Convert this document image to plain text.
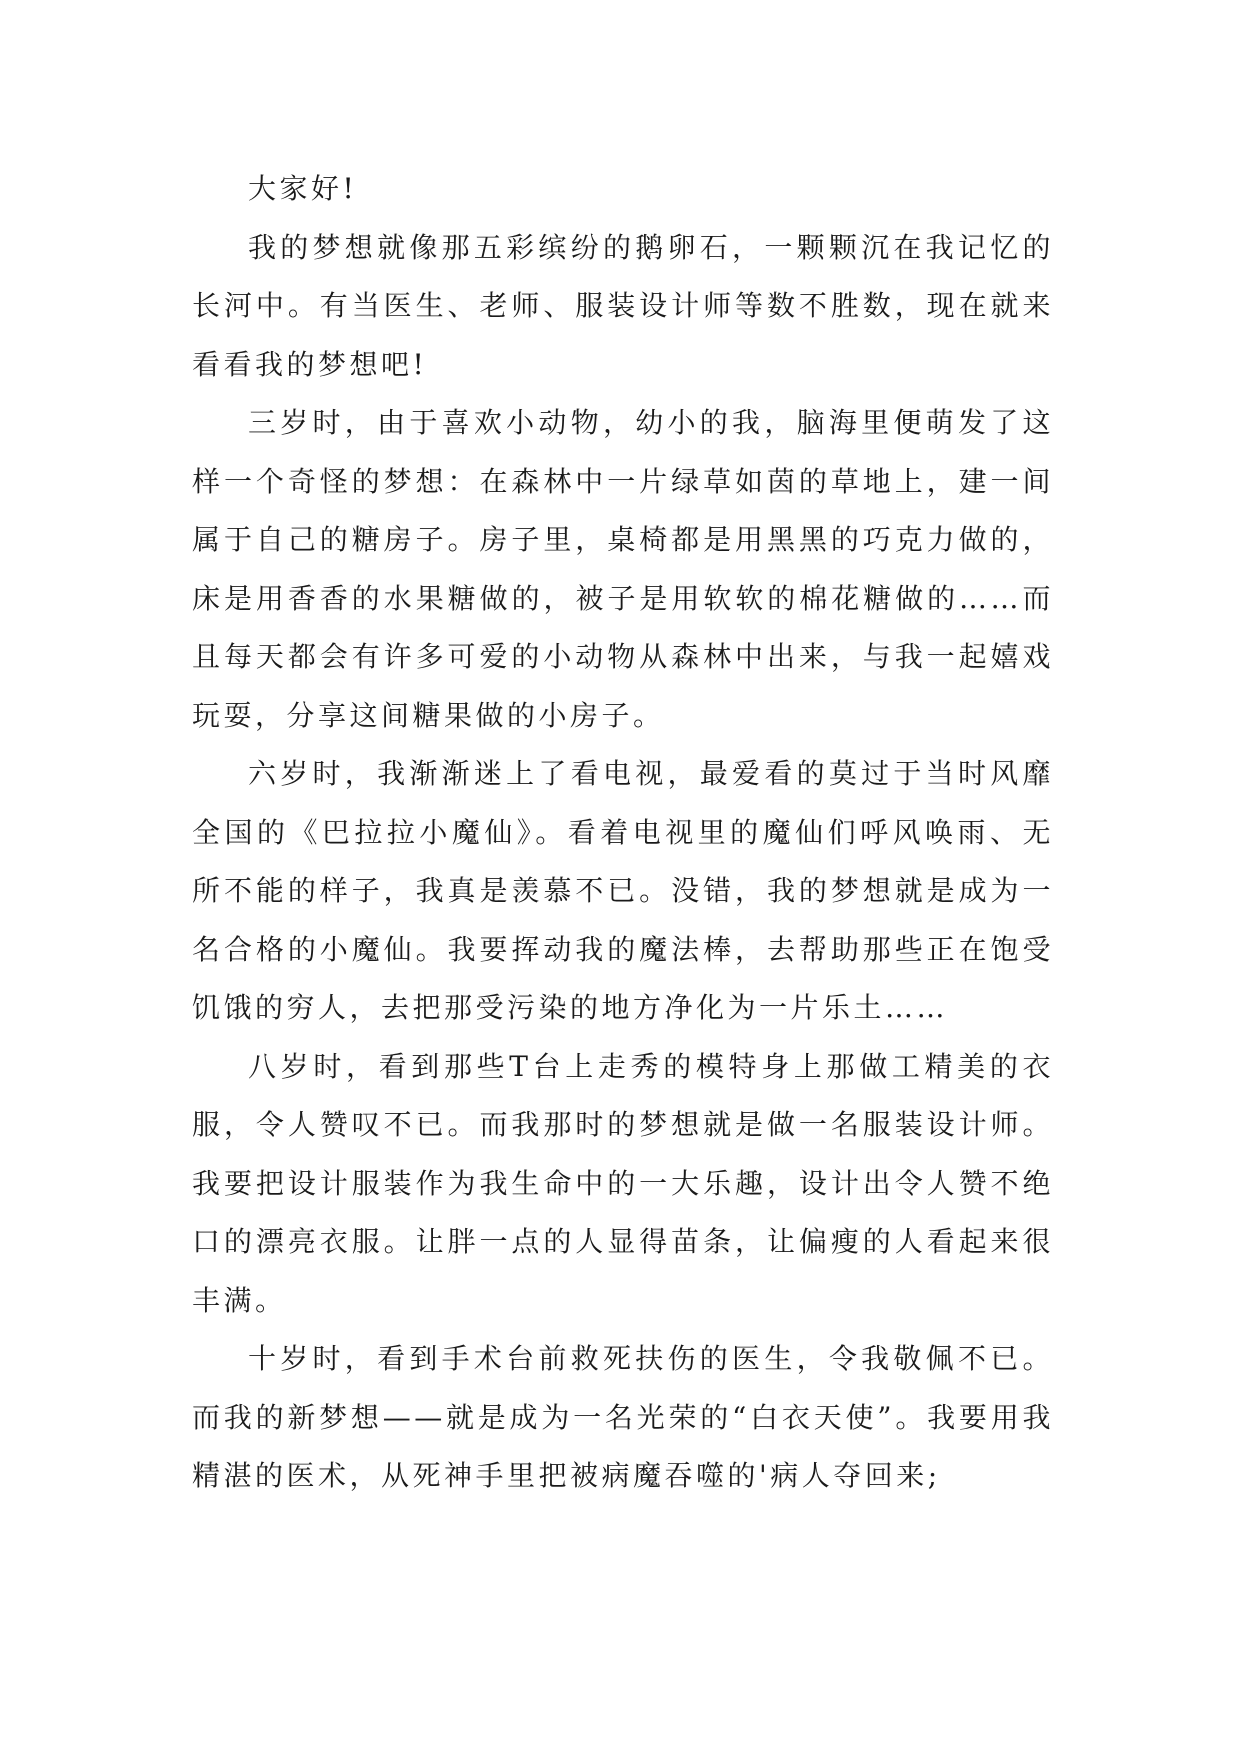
大家好!

我的梦想就像那五彩缤纷的鹅卵石，一颗颗沉在我记忆的长河中。有当医生、老师、服装设计师等数不胜数，现在就来看看我的梦想吧!

三岁时，由于喜欢小动物，幼小的我，脑海里便萌发了这样一个奇怪的梦想：在森林中一片绿草如茵的草地上，建一间属于自己的糖房子。房子里，桌椅都是用黑黑的巧克力做的，床是用香香的水果糖做的，被子是用软软的棉花糖做的……而且每天都会有许多可爱的小动物从森林中出来，与我一起嬉戏玩耍，分享这间糖果做的小房子。

六岁时，我渐渐迷上了看电视，最爱看的莫过于当时风靡全国的《巴拉拉小魔仙》。看着电视里的魔仙们呼风唤雨、无所不能的样子，我真是羡慕不已。没错，我的梦想就是成为一名合格的小魔仙。我要挥动我的魔法棒，去帮助那些正在饱受饥饿的穷人，去把那受污染的地方净化为一片乐土……

八岁时，看到那些T台上走秀的模特身上那做工精美的衣服，令人赞叹不已。而我那时的梦想就是做一名服装设计师。我要把设计服装作为我生命中的一大乐趣，设计出令人赞不绝口的漂亮衣服。让胖一点的人显得苗条，让偏瘦的人看起来很丰满。

十岁时，看到手术台前救死扶伤的医生，令我敬佩不已。而我的新梦想——就是成为一名光荣的“白衣天使”。我要用我精湛的医术，从死神手里把被病魔吞噬的'病人夺回来;
